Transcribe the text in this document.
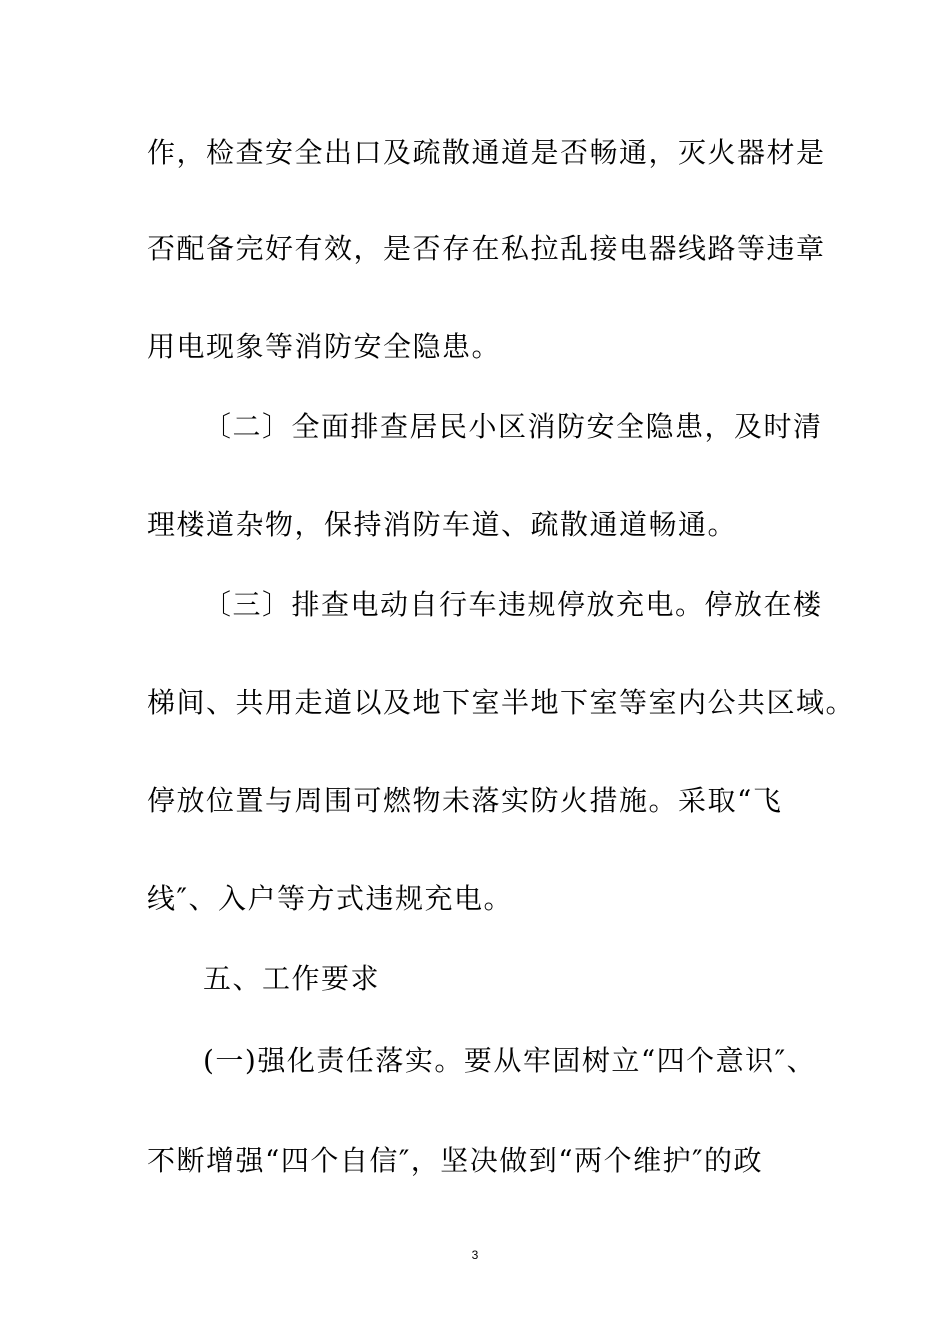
作，检查安全出口及疏散通道是否畅通，灭火器材是
否配备完好有效，是否存在私拉乱接电器线路等违章
用电现象等消防安全隐患。
〔二〕全面排查居民小区消防安全隐患，及时清
理楼道杂物，保持消防车道、疏散通道畅通。
〔三〕排查电动自行车违规停放充电。停放在楼
梯间、共用走道以及地下室半地下室等室内公共区域。
停放位置与周围可燃物未落实防火措施。采取“飞
线″、入户等方式违规充电。
五、工作要求
(一)强化责任落实。要从牢固树立“四个意识″、
不断增强“四个自信″，坚决做到“两个维护″的政
3
